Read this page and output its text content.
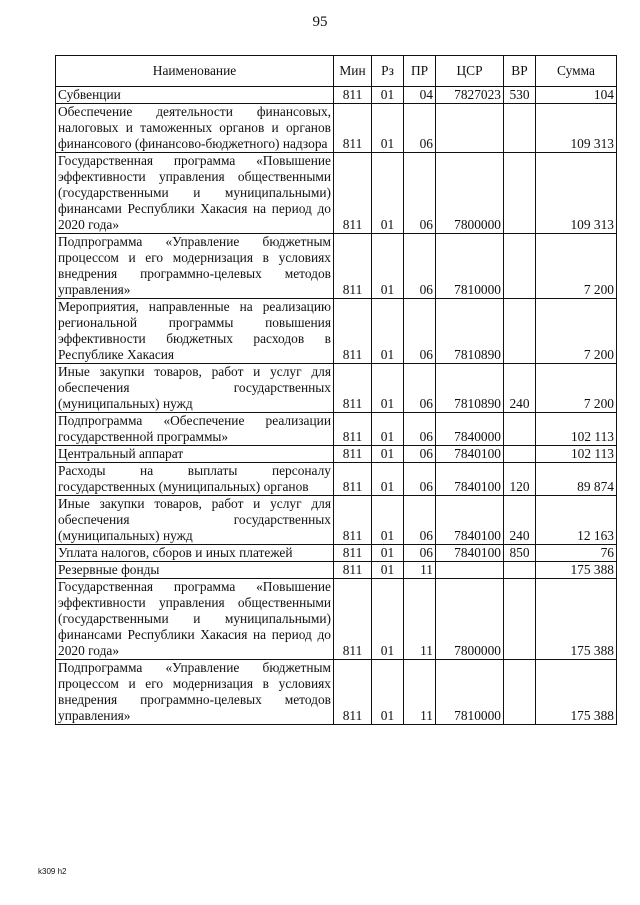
95
Наименование	Мин	Рз	ПР	ЦСР	ВР	Сумма
Субвенции	811	01	04	7827023	530	104
Обеспечение деятельности финансовых, налоговых и таможенных органов и органов финансового (финансово-бюджетного) надзора	811	01	06			109 313
Государственная программа «Повышение эффективности управления общественными (государственными и муниципальными) финансами Республики Хакасия на период до 2020 года»	811	01	06	7800000		109 313
Подпрограмма «Управление бюджетным процессом и его модернизация в условиях внедрения программно-целевых методов управления»	811	01	06	7810000		7 200
Мероприятия, направленные на реализацию региональной программы повышения эффективности бюджетных расходов в Республике Хакасия	811	01	06	7810890		7 200
Иные закупки товаров, работ и услуг для обеспечения государственных (муниципальных) нужд	811	01	06	7810890	240	7 200
Подпрограмма «Обеспечение реализации государственной программы»	811	01	06	7840000		102 113
Центральный аппарат	811	01	06	7840100		102 113
Расходы на выплаты персоналу государственных (муниципальных) органов	811	01	06	7840100	120	89 874
Иные закупки товаров, работ и услуг для обеспечения государственных (муниципальных) нужд	811	01	06	7840100	240	12 163
Уплата налогов, сборов и иных платежей	811	01	06	7840100	850	76
Резервные фонды	811	01	11			175 388
Государственная программа «Повышение эффективности управления общественными (государственными и муниципальными) финансами Республики Хакасия на период до 2020 года»	811	01	11	7800000		175 388
Подпрограмма «Управление бюджетным процессом и его модернизация в условиях внедрения программно-целевых методов управления»	811	01	11	7810000		175 388
k309 h2
